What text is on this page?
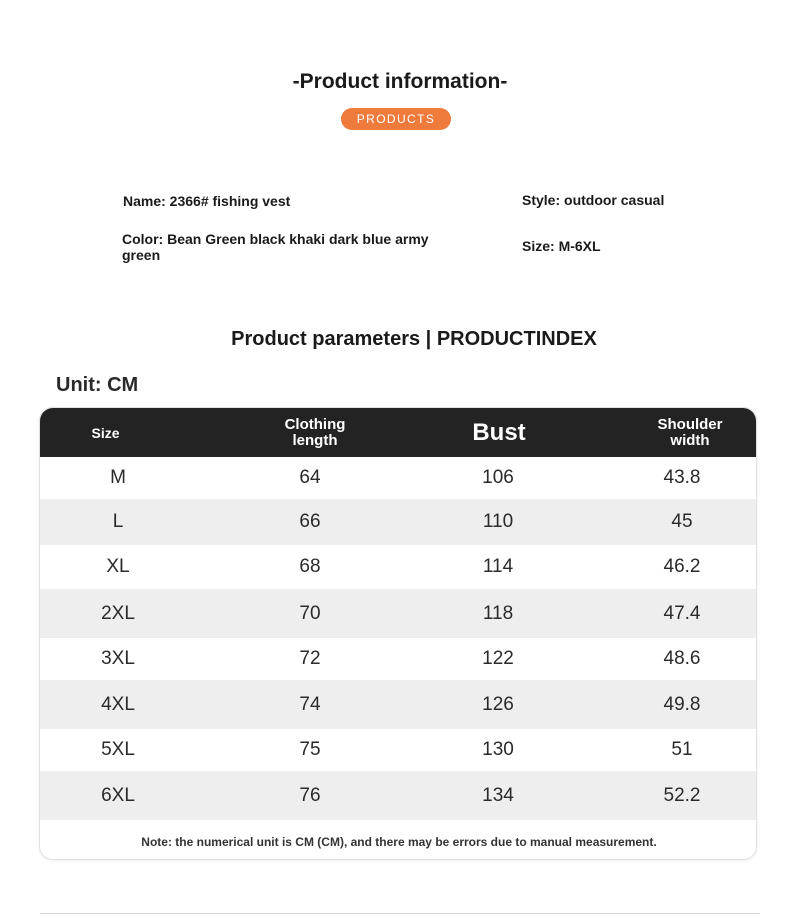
-Product information-
PRODUCTS
Name: 2366# fishing vest	Style: outdoor casual
Color: Bean Green black khaki dark blue army green
Size: M-6XL
Product parameters | PRODUCTINDEX
Unit: CM
Size	Clothing length	Bust	Shoulder width
M	64	106	43.8
L	66	110	45
XL	68	114	46.2
2XL	70	118	47.4
3XL	72	122	48.6
4XL	74	126	49.8
5XL	75	130	51
6XL	76	134	52.2
Note: the numerical unit is CM (CM), and there may be errors due to manual measurement.
